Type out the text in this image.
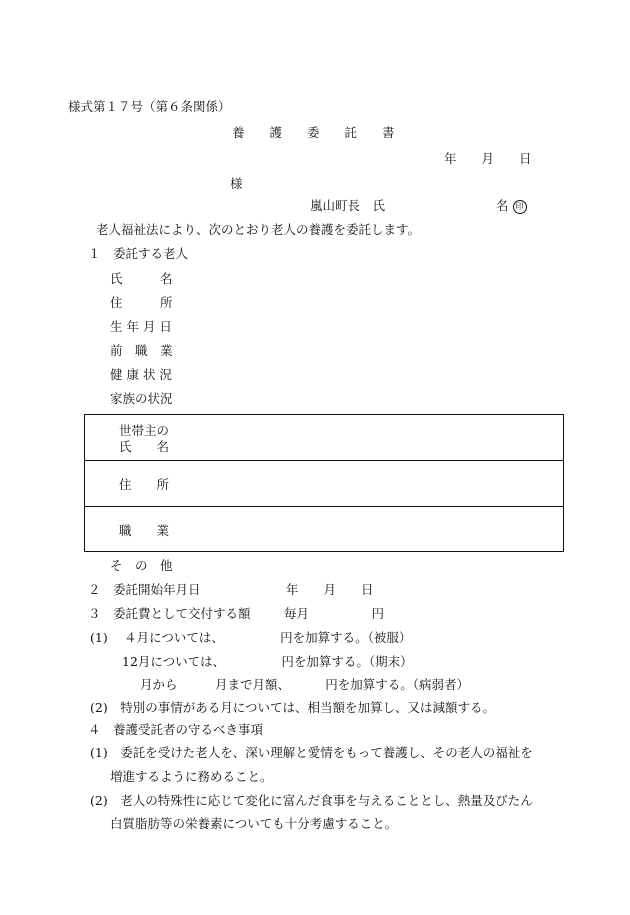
様式第１７号（第６条関係）
養　　護　　委　　託　　書
年　　月　　日
様
嵐山町長　氏	名 印
老人福祉法により、次のとおり老人の養護を委託します。
１　委託する老人
氏　　　名
住　　　所
生 年 月 日
前　職　業
健 康 状 況
家族の状況
世帯主の
氏　　名
住　　所
職　　業
そ　の　他
２　委託開始年月日	年　　月　　日
３　委託費として交付する額	毎月　　　　　円
(1)　 ４月については、　　　　　円を加算する。（被服）
12月については、　　　　　円を加算する。（期末）
月から　　　月まで月額、　　　 円を加算する。（病弱者）
(2)　特別の事情がある月については、相当額を加算し、又は減額する。
４　養護受託者の守るべき事項
(1)　委託を受けた老人を、深い理解と愛情をもって養護し、その老人の福祉を
増進するように務めること。
(2)　老人の特殊性に応じて変化に富んだ食事を与えることとし、熱量及びたん
白質脂肪等の栄養素についても十分考慮すること。
